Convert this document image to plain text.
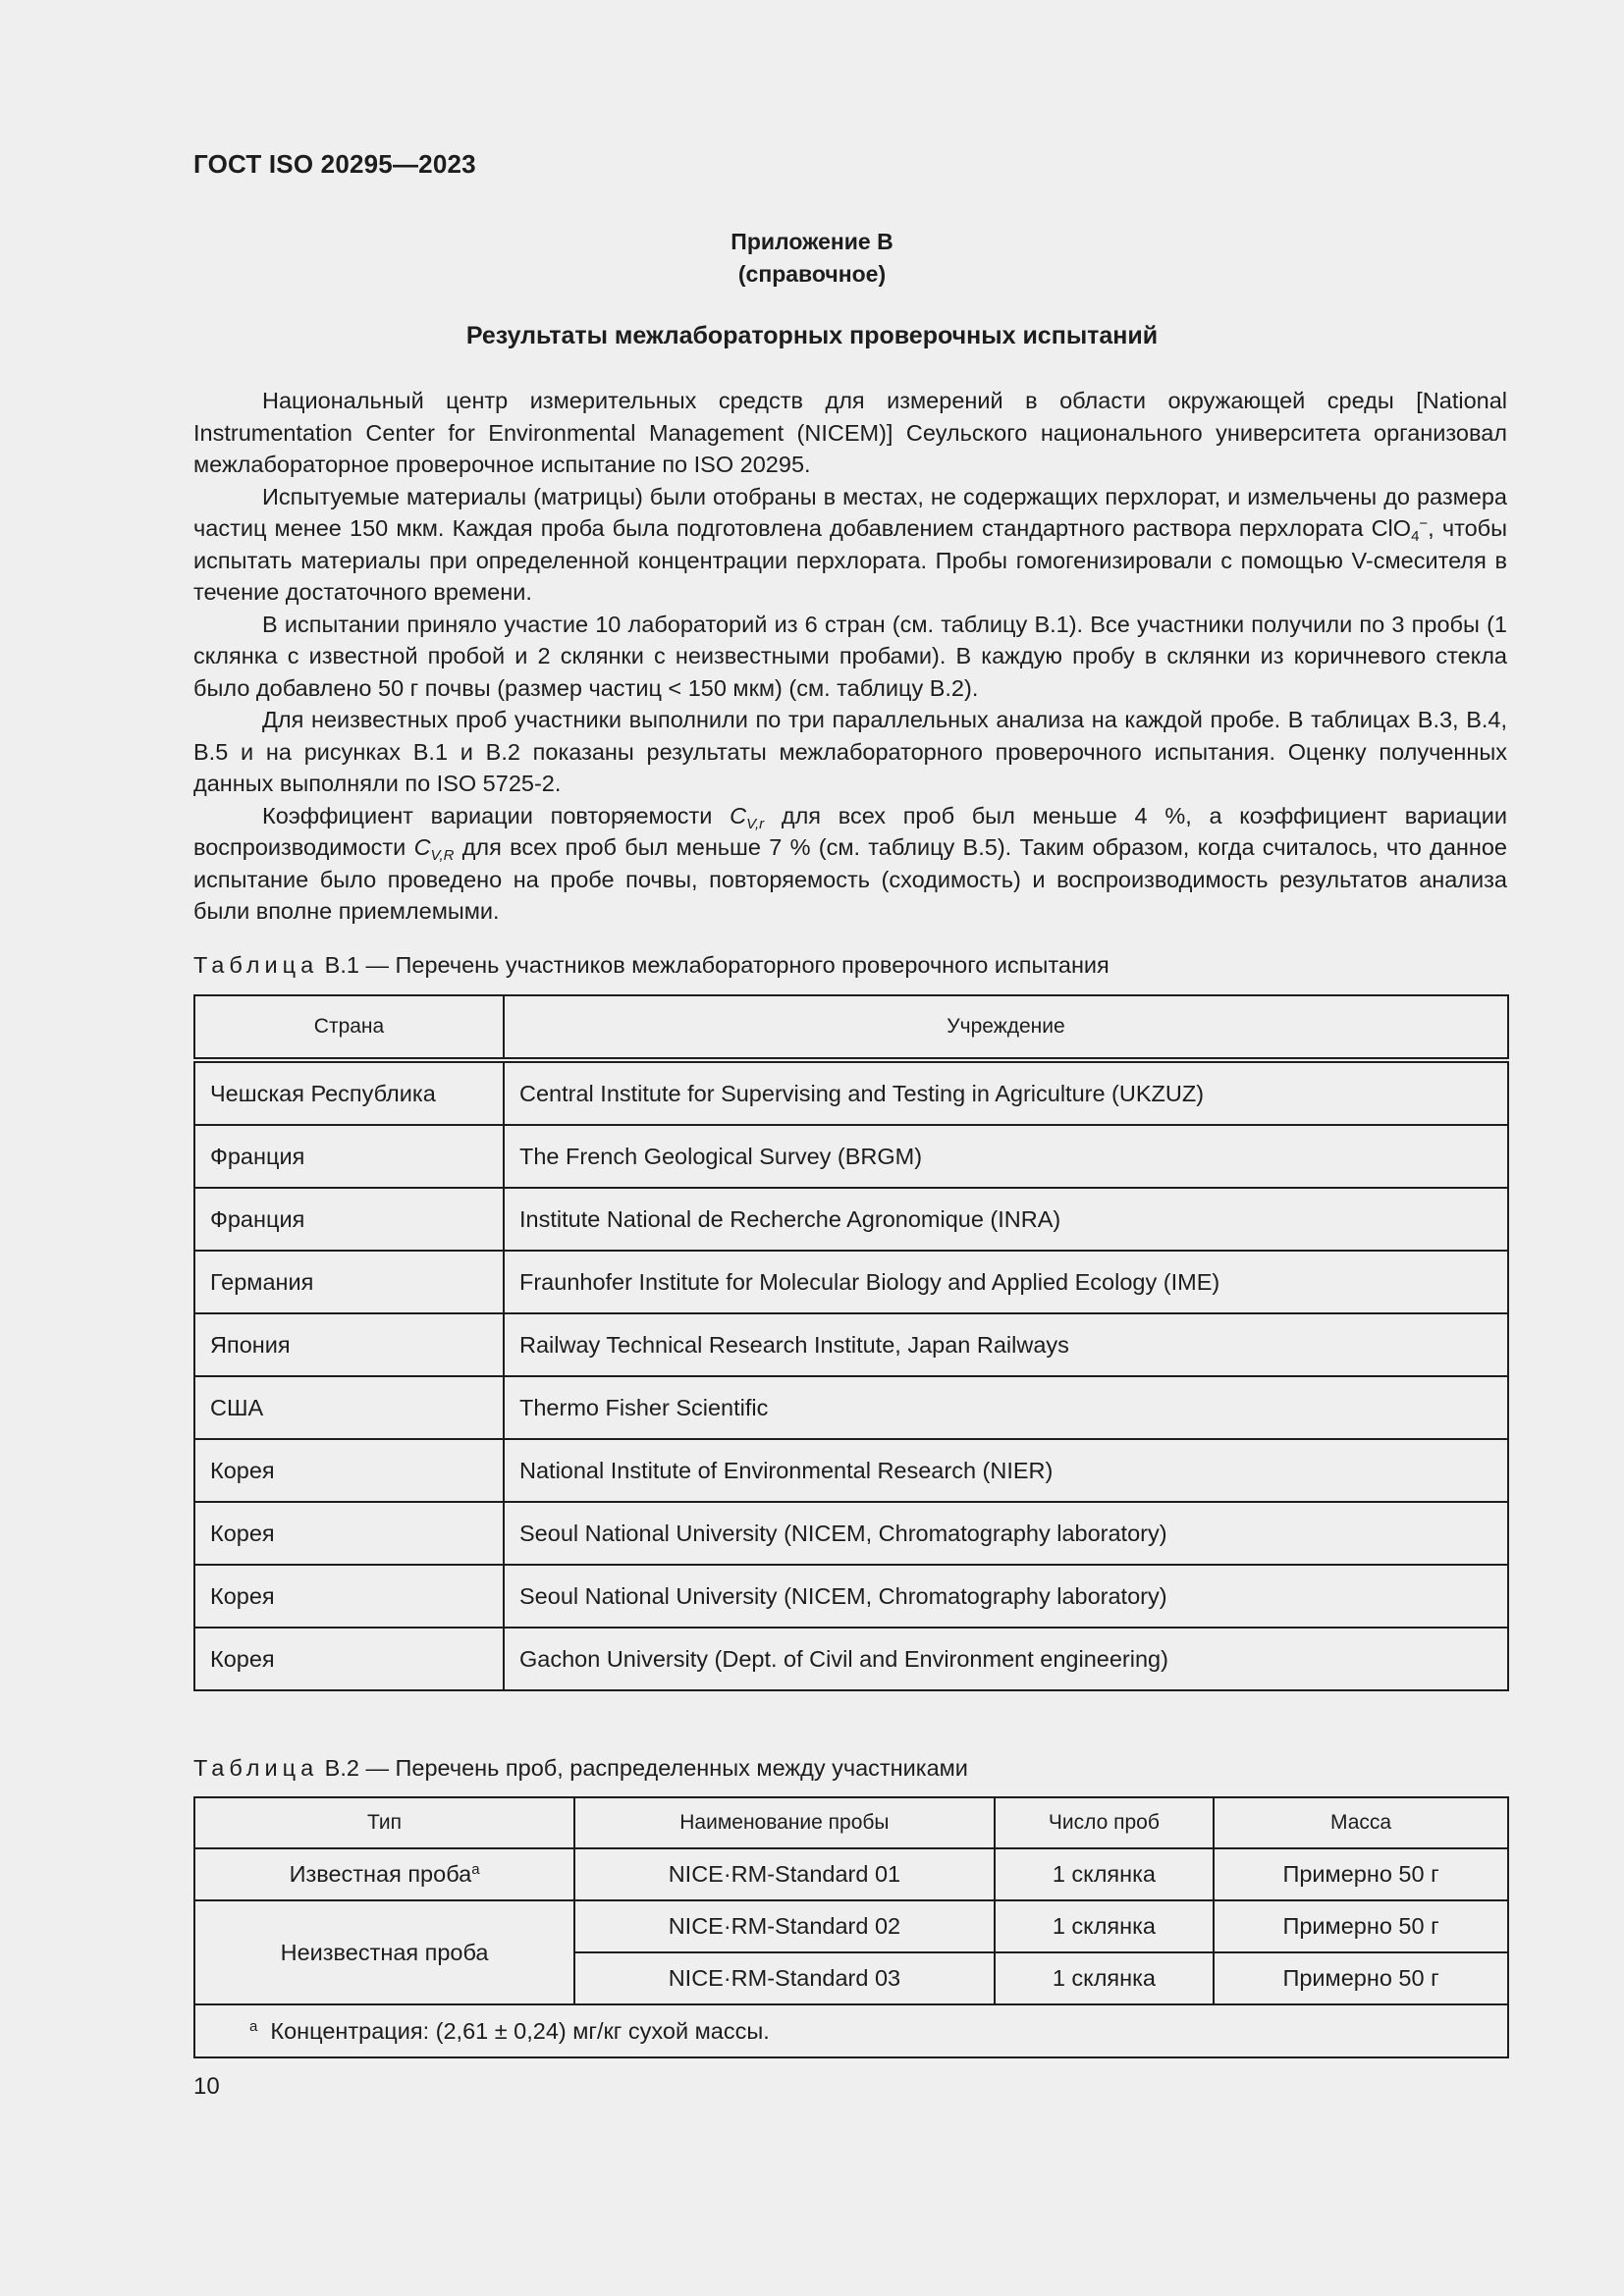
ГОСТ ISO 20295—2023
Приложение В
(справочное)
Результаты межлабораторных проверочных испытаний

Национальный центр измерительных средств для измерений в области окружающей среды [National Instrumentation Center for Environmental Management (NICEM)] Сеульского национального университета организовал межлабораторное проверочное испытание по ISO 20295.

Испытуемые материалы (матрицы) были отобраны в местах, не содержащих перхлорат, и измельчены до размера частиц менее 150 мкм. Каждая проба была подготовлена добавлением стандартного раствора перхлората ClO$_4$−, чтобы испытать материалы при определенной концентрации перхлората. Пробы гомогенизировали с помощью V-смесителя в течение достаточного времени.

В испытании приняло участие 10 лабораторий из 6 стран (см. таблицу В.1). Все участники получили по 3 пробы (1 склянка с известной пробой и 2 склянки с неизвестными пробами). В каждую пробу в склянки из коричневого стекла было добавлено 50 г почвы (размер частиц < 150 мкм) (см. таблицу В.2).

Для неизвестных проб участники выполнили по три параллельных анализа на каждой пробе. В таблицах В.3, В.4, В.5 и на рисунках В.1 и В.2 показаны результаты межлабораторного проверочного испытания. Оценку полученных данных выполняли по ISO 5725-2.

Коэффициент вариации повторяемости $C_{V,r}$ для всех проб был меньше 4 %, а коэффициент вариации воспроизводимости $C_{V,R}$ для всех проб был меньше 7 % (см. таблицу В.5). Таким образом, когда считалось, что данное испытание было проведено на пробе почвы, повторяемость (сходимость) и воспроизводимость результатов анализа были вполне приемлемыми.

Таблица В.1 — Перечень участников межлабораторного проверочного испытания
Страна	Учреждение
Чешская Республика	Central Institute for Supervising and Testing in Agriculture (UKZUZ)
Франция	The French Geological Survey (BRGM)
Франция	Institute National de Recherche Agronomique (INRA)
Германия	Fraunhofer Institute for Molecular Biology and Applied Ecology (IME)
Япония	Railway Technical Research Institute, Japan Railways
США	Thermo Fisher Scientific
Корея	National Institute of Environmental Research (NIER)
Корея	Seoul National University (NICEM, Chromatography laboratory)
Корея	Seoul National University (NICEM, Chromatography laboratory)
Корея	Gachon University (Dept. of Civil and Environment engineering)
Таблица В.2 — Перечень проб, распределенных между участниками
Тип	Наименование пробы	Число проб	Масса
Известная проба$^а$	NICE·RM-Standard 01	1 склянка	Примерно 50 г
Неизвестная проба	NICE·RM-Standard 02	1 склянка	Примерно 50 г
	NICE·RM-Standard 03	1 склянка	Примерно 50 г
$^а$ Концентрация: (2,61 ± 0,24) мг/кг сухой массы.			
10
